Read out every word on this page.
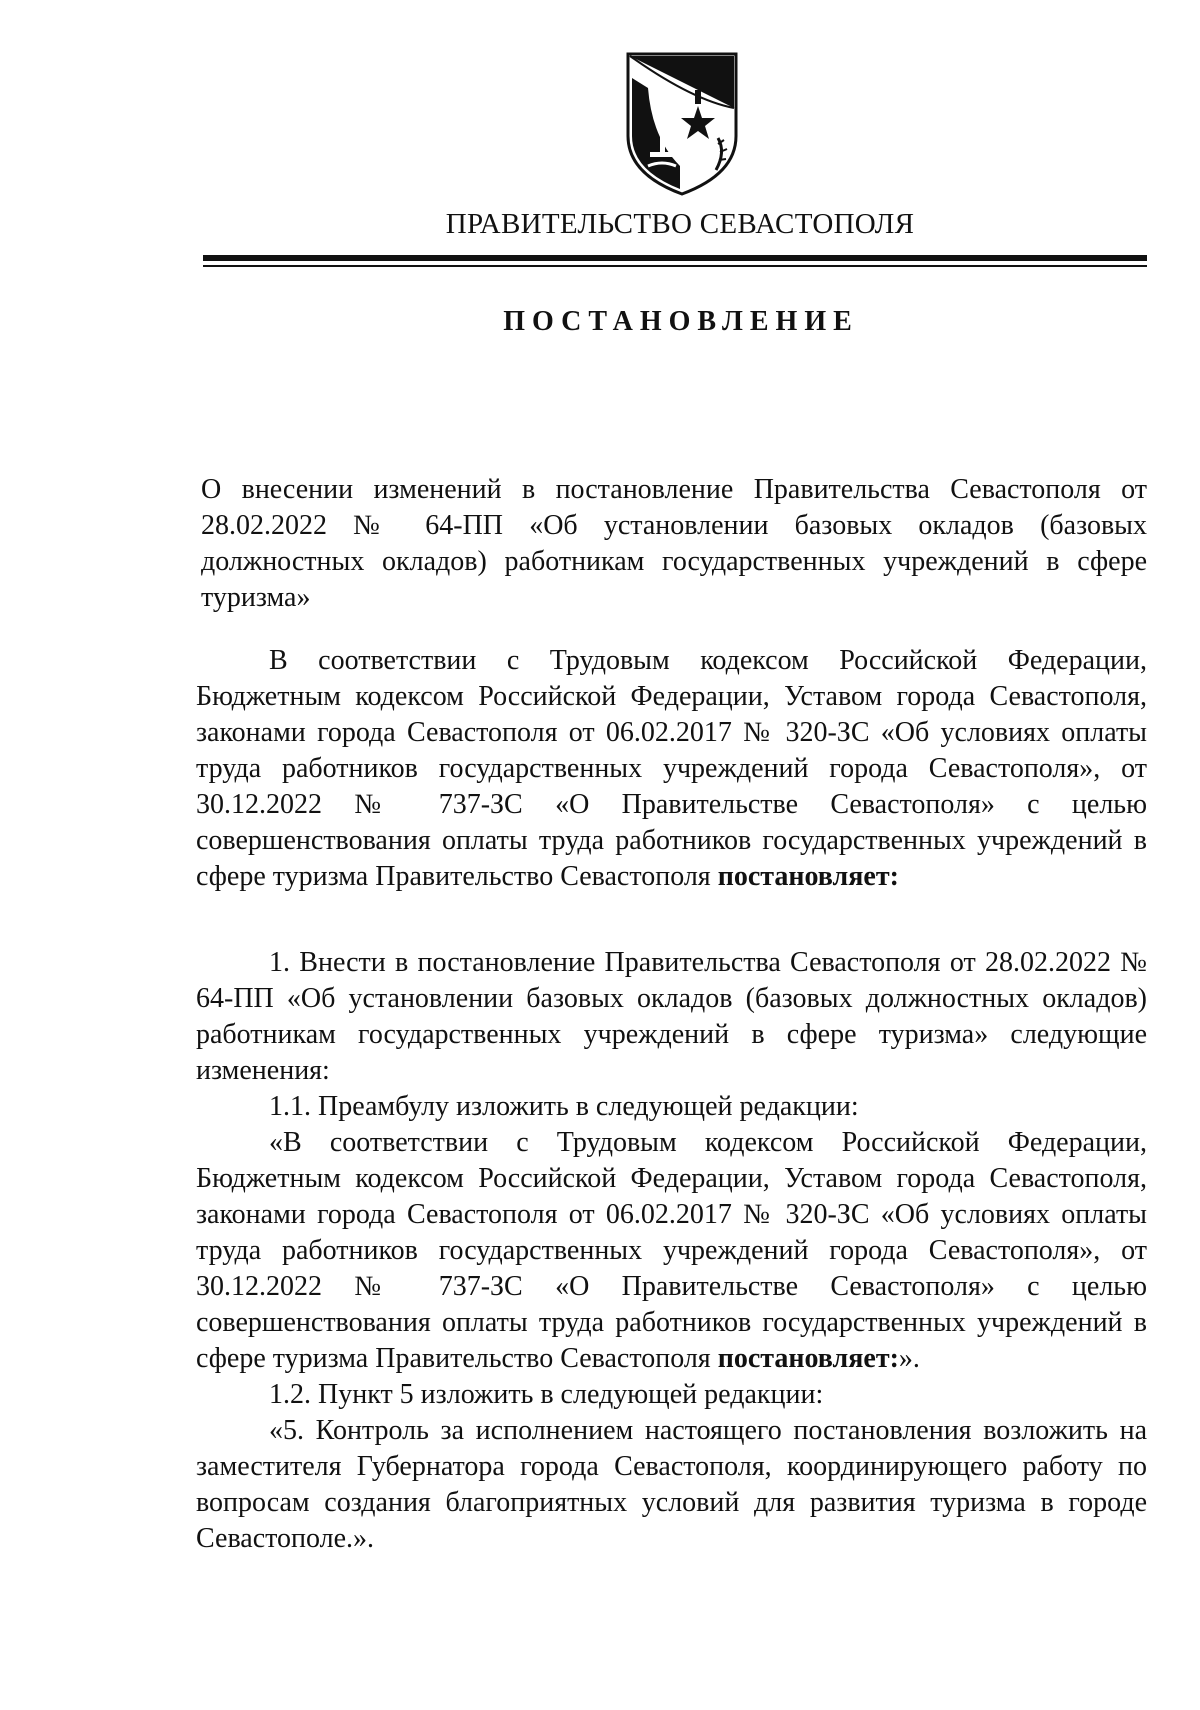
ПРАВИТЕЛЬСТВО СЕВАСТОПОЛЯ
ПОСТАНОВЛЕНИЕ
О внесении изменений в постановление Правительства Севастополя от 28.02.2022 № 64-ПП «Об установлении базовых окладов (базовых должностных окладов) работникам государственных учреждений в сфере туризма»

В соответствии с Трудовым кодексом Российской Федерации, Бюджетным кодексом Российской Федерации, Уставом города Севастополя, законами города Севастополя от 06.02.2017 № 320-ЗС «Об условиях оплаты труда работников государственных учреждений города Севастополя», от 30.12.2022 № 737-ЗС «О Правительстве Севастополя» с целью совершенствования оплаты труда работников государственных учреждений в сфере туризма Правительство Севастополя постановляет:

1. Внести в постановление Правительства Севастополя от 28.02.2022 № 64-ПП «Об установлении базовых окладов (базовых должностных окладов) работникам государственных учреждений в сфере туризма» следующие изменения:

1.1. Преамбулу изложить в следующей редакции:

«В соответствии с Трудовым кодексом Российской Федерации, Бюджетным кодексом Российской Федерации, Уставом города Севастополя, законами города Севастополя от 06.02.2017 № 320-ЗС «Об условиях оплаты труда работников государственных учреждений города Севастополя», от 30.12.2022 № 737-ЗС «О Правительстве Севастополя» с целью совершенствования оплаты труда работников государственных учреждений в сфере туризма Правительство Севастополя постановляет:».

1.2. Пункт 5 изложить в следующей редакции:

«5. Контроль за исполнением настоящего постановления возложить на заместителя Губернатора города Севастополя, координирующего работу по вопросам создания благоприятных условий для развития туризма в городе Севастополе.».
